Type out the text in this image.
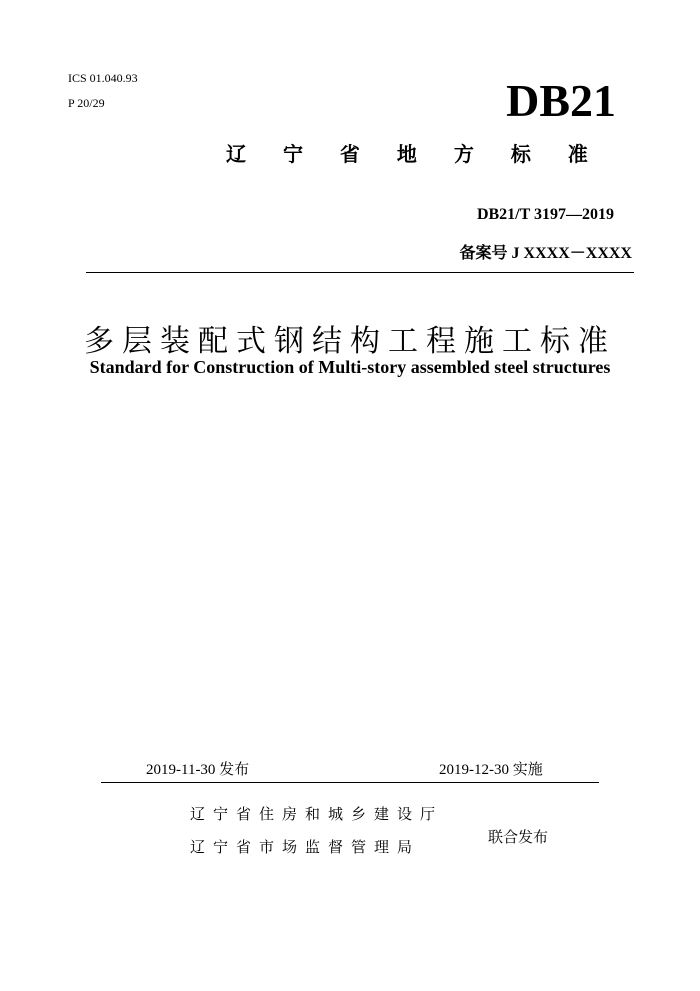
ICS 01.040.93
P 20/29	DB21
辽 宁 省 地 方 标 准
DB21/T 3197—2019
备案号 J XXXX－XXXX
多层装配式钢结构工程施工标准
Standard for Construction of Multi-story assembled steel structures
2019-11-30 发布	2019-12-30 实施
辽宁省住房和城乡建设厅
辽宁省市场监督管理局
联合发布
